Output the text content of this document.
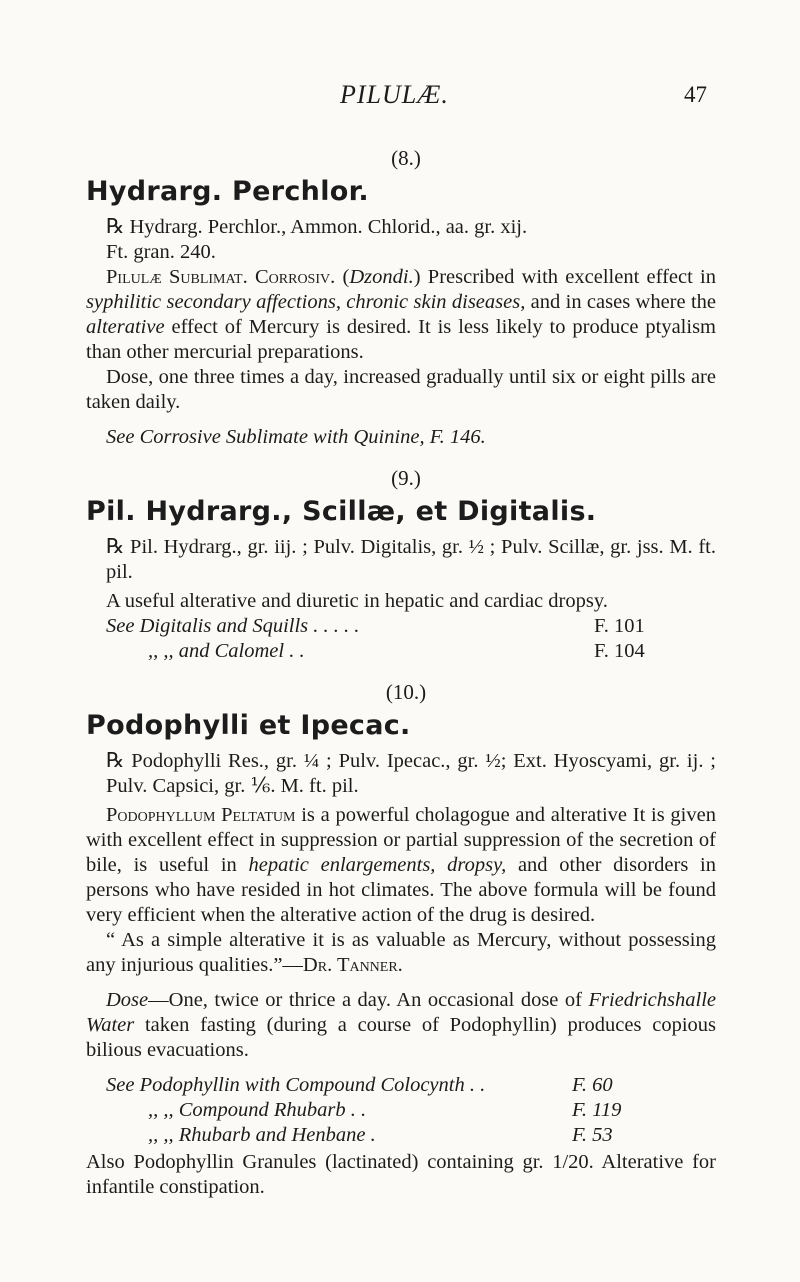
PILULÆ.	47
(8.)
Hydrarg. Perchlor.

℞ Hydrarg. Perchlor., Ammon. Chlorid., aa. gr. xij.

Ft. gran. 240.

Pilulæ Sublimat. Corrosiv. (Dzondi.) Prescribed with excellent effect in syphilitic secondary affections, chronic skin diseases, and in cases where the alterative effect of Mercury is desired. It is less likely to produce ptyalism than other mercurial preparations.

Dose, one three times a day, increased gradually until six or eight pills are taken daily.

See Corrosive Sublimate with Quinine, F. 146.

(9.)
Pil. Hydrarg., Scillæ, et Digitalis.

℞ Pil. Hydrarg., gr. iij. ; Pulv. Digitalis, gr. ½ ; Pulv. Scillæ, gr. jss. M. ft. pil.

A useful alterative and diuretic in hepatic and cardiac dropsy.

See Digitalis and Squills . . . . .	F. 101
,, ,, and Calomel . .	F. 104
(10.)
Podophylli et Ipecac.

℞ Podophylli Res., gr. ¼ ; Pulv. Ipecac., gr. ½; Ext. Hyoscyami, gr. ij. ; Pulv. Capsici, gr. ⅙. M. ft. pil.

Podophyllum Peltatum is a powerful cholagogue and alterative It is given with excellent effect in suppression or partial suppression of the secretion of bile, is useful in hepatic enlargements, dropsy, and other disorders in persons who have resided in hot climates. The above formula will be found very efficient when the alterative action of the drug is desired.

“ As a simple alterative it is as valuable as Mercury, without possessing any injurious qualities.”—Dr. Tanner.

Dose—One, twice or thrice a day. An occasional dose of Friedrichshalle Water taken fasting (during a course of Podophyllin) produces copious bilious evacuations.

See Podophyllin with Compound Colocynth . .	F. 60
,, ,, Compound Rhubarb . .	F. 119
,, ,, Rhubarb and Henbane .	F. 53

Also Podophyllin Granules (lactinated) containing gr. 1/20. Alterative for infantile constipation.
